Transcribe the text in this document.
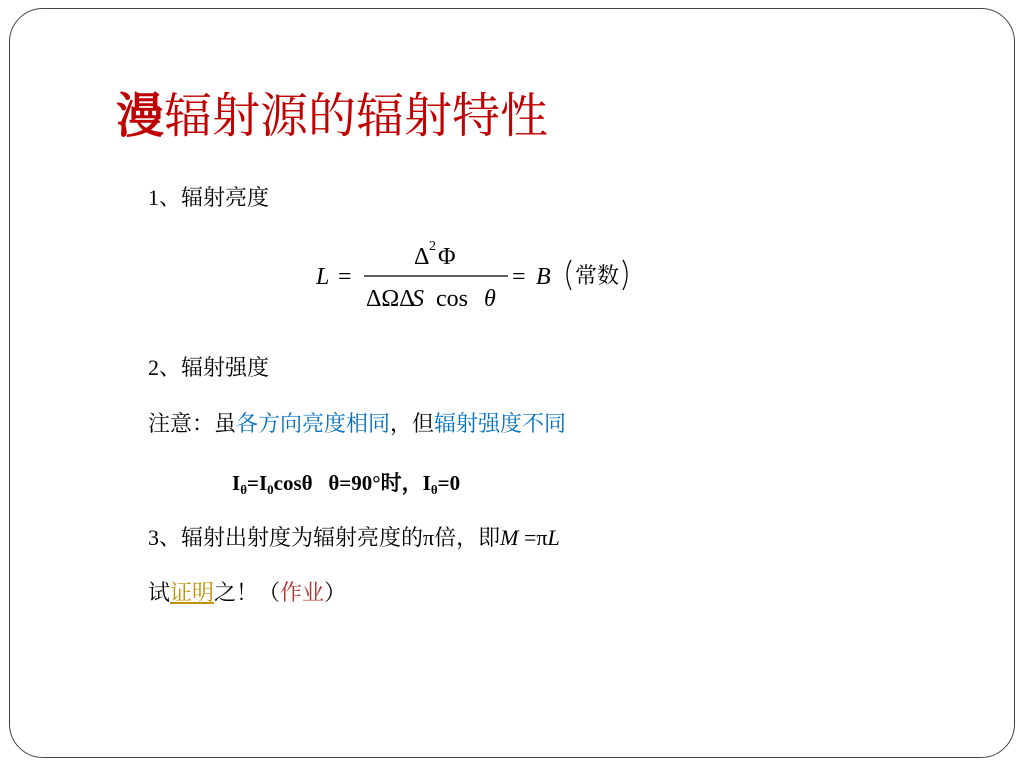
漫辐射源的辐射特性
1、辐射亮度
L =
Δ 2 Φ
ΔΩΔ
S cos θ
= B 常数
2、辐射强度
注意：虽各方向亮度相同，但辐射强度不同
$I_\theta=I_0\cos\theta$ θ=90°时，$I_\theta=0$
3、辐射出射度为辐射亮度的π倍，即M =πL
试证明之！（作业）
